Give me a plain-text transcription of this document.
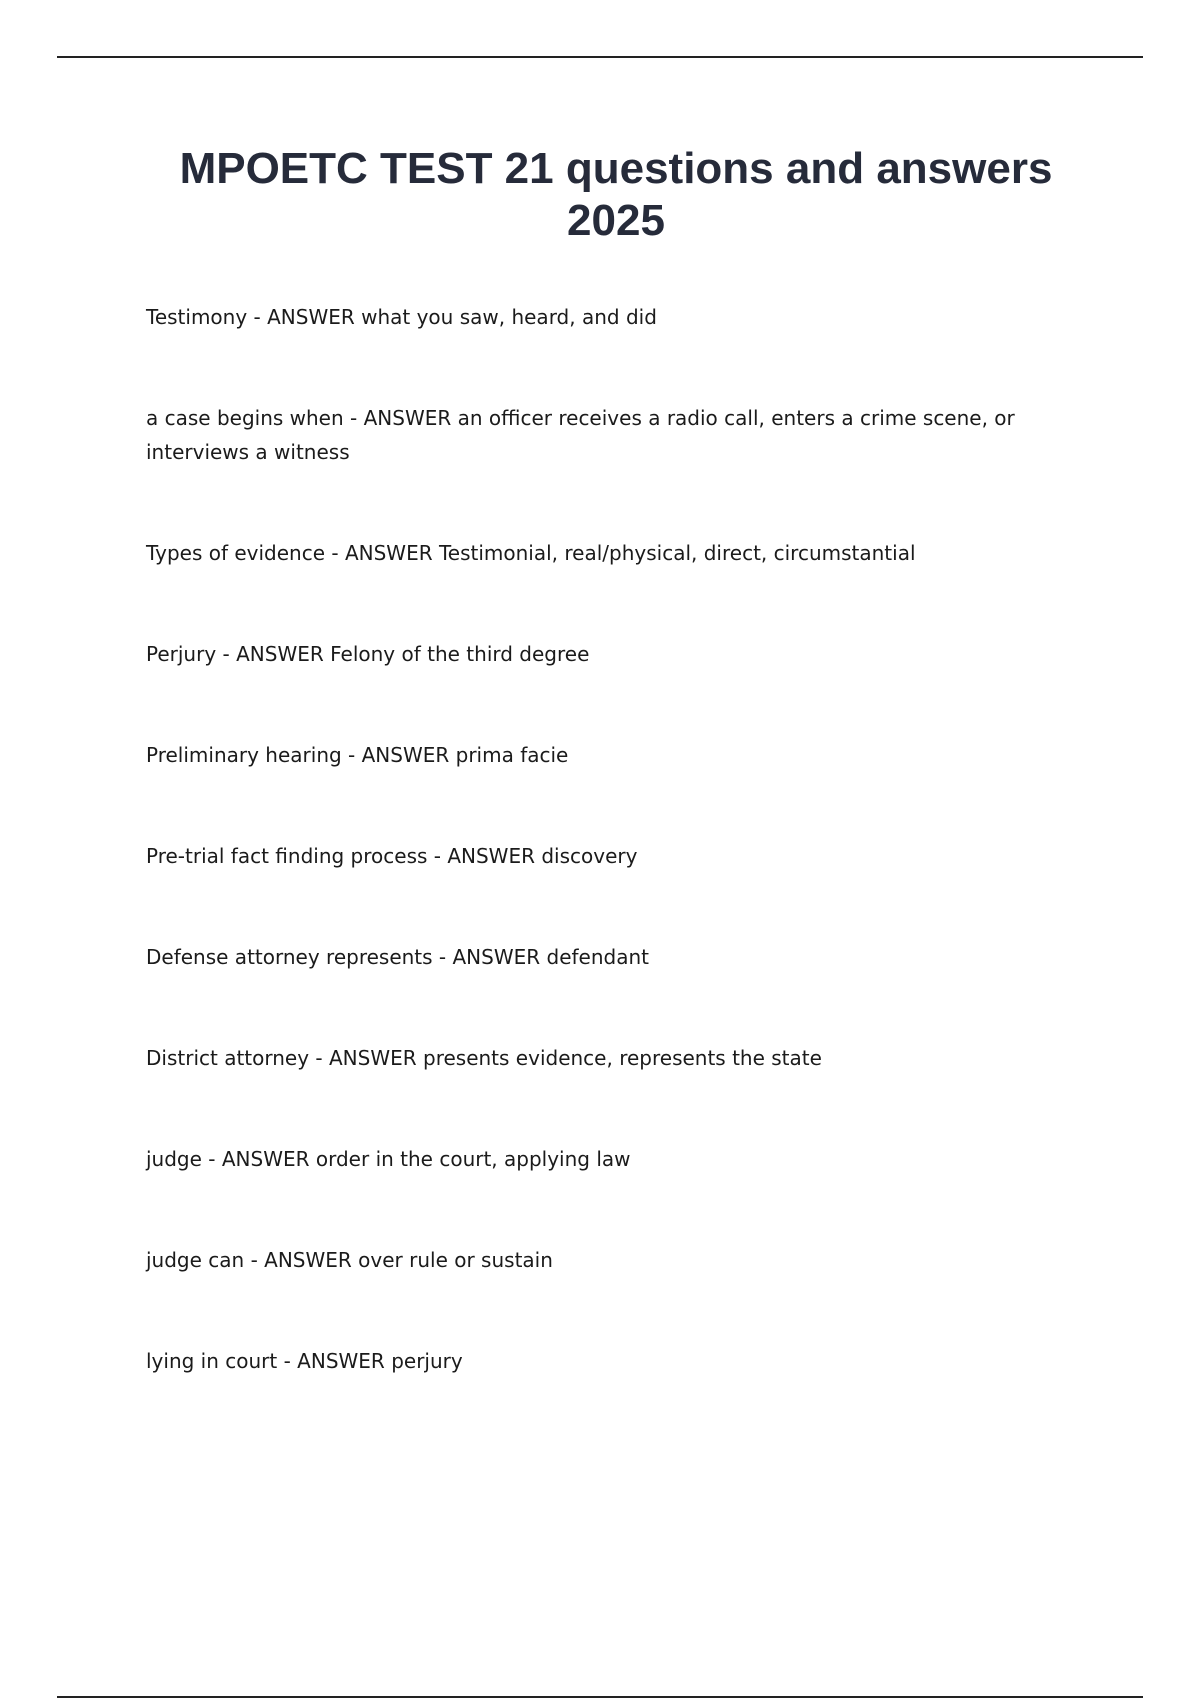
MPOETC TEST 21 questions and answers 2025
Testimony - ANSWER what you saw, heard, and did
a case begins when - ANSWER an officer receives a radio call, enters a crime scene, or interviews a witness
Types of evidence - ANSWER Testimonial, real/physical, direct, circumstantial
Perjury - ANSWER Felony of the third degree
Preliminary hearing - ANSWER prima facie
Pre-trial fact finding process - ANSWER discovery
Defense attorney represents - ANSWER defendant
District attorney - ANSWER presents evidence, represents the state
judge - ANSWER order in the court, applying law
judge can - ANSWER over rule or sustain
lying in court - ANSWER perjury
